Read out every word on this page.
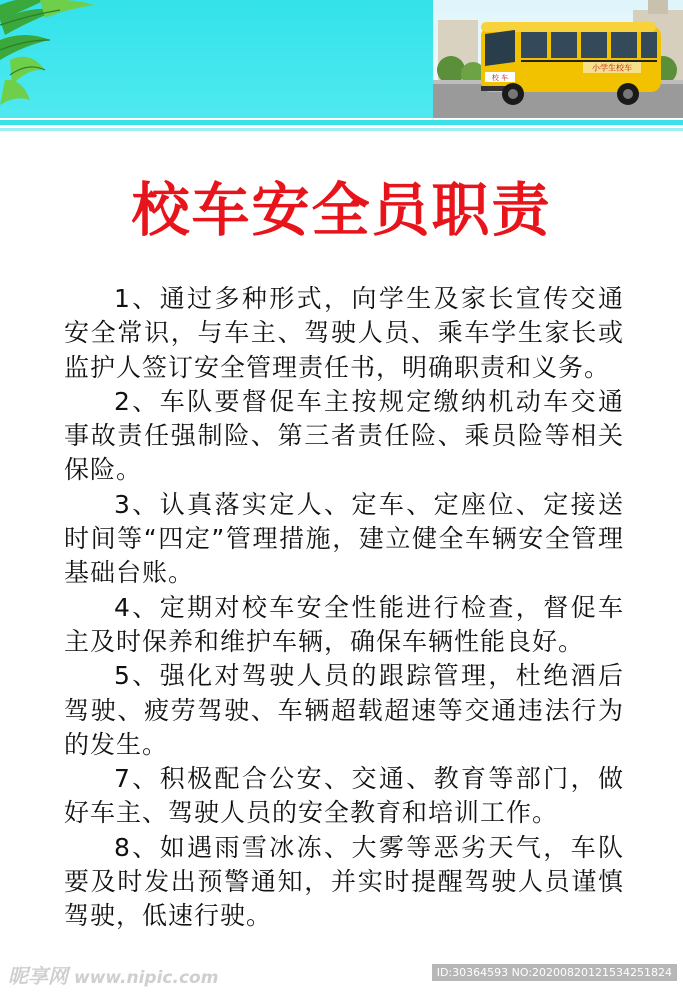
小学生校车
校 车
校车安全员职责

1、通过多种形式，向学生及家长宣传交通安全常识，与车主、驾驶人员、乘车学生家长或监护人签订安全管理责任书，明确职责和义务。

2、车队要督促车主按规定缴纳机动车交通事故责任强制险、第三者责任险、乘员险等相关保险。

3、认真落实定人、定车、定座位、定接送时间等“四定”管理措施，建立健全车辆安全管理基础台账。

4、定期对校车安全性能进行检查，督促车主及时保养和维护车辆，确保车辆性能良好。

5、强化对驾驶人员的跟踪管理，杜绝酒后驾驶、疲劳驾驶、车辆超载超速等交通违法行为的发生。

7、积极配合公安、交通、教育等部门，做好车主、驾驶人员的安全教育和培训工作。

8、如遇雨雪冰冻、大雾等恶劣天气，车队要及时发出预警通知，并实时提醒驾驶人员谨慎驾驶，低速行驶。

昵享网 www.nipic.com	ID:30364593 NO:20200820121534251824
